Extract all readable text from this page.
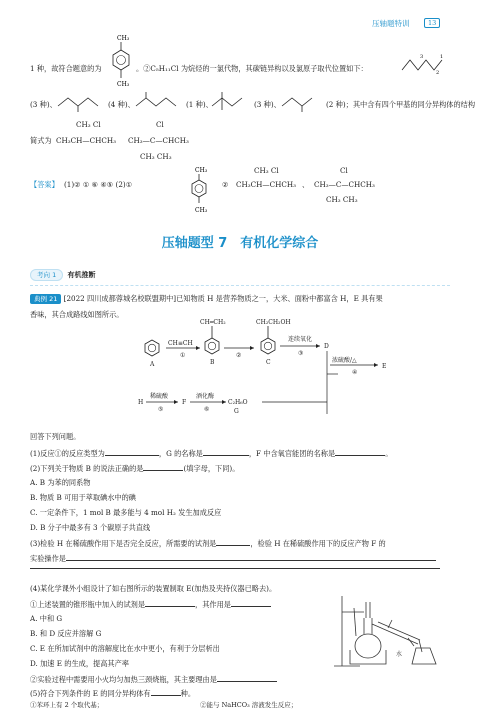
压轴题特训	13
1 种，故符合题意的为
CH₃
CH₃
。②C₅H₁₁Cl 为烷烃的一氯代物，其碳链异构以及氯原子取代位置如下：
3	1
2
(3 种)、	(4 种)、	(1 种)、	(3 种)、	(2 种)；其中含有四个甲基的同分异构体的结构
简式为
CH₃ Cl
CH₃CH—CHCH₃
Cl
CH₃—C—CHCH₃
CH₃ CH₃
【答案】 (1)② ① ⑥ ④⑤ (2)①
CH₃
CH₃
②
CH₃ Cl
CH₃CH—CHCH₃ 、
Cl
CH₃—C—CHCH₃
CH₃ CH₃
压轴题型 7　有机化学综合
考向 1 有机推断
典例 21 [2022 四川成都蓉城名校联盟期中]已知物质 H 是营养物质之一，大米、面粉中都富含 H，E 具有果
香味，其合成路线如图所示。
A
CH≡CH
①
CH═CH₂
B
②
CH₂CH₂OH
C
连续氧化
③
D
浓硫酸/△
④
E
H
稀硫酸
⑤
F
酒化酶
⑥
C₂H₆O
G
回答下列问题。
(1)反应①的反应类型为	，G 的名称是	，F 中含氧官能团的名称是	。
(2)下列关于物质 B 的说法正确的是	(填字母，下同)。
A. B 为苯的同系物
B. 物质 B 可用于萃取碘水中的碘
C. 一定条件下，1 mol B 最多能与 4 mol H₂ 发生加成反应
D. B 分子中最多有 3 个碳原子共直线
(3)检验 H 在稀硫酸作用下是否完全反应，所需要的试剂是	，检验 H 在稀硫酸作用下的反应产物 F 的
实验操作是
(4)某化学课外小组设计了如右图所示的装置制取 E(加热及夹持仪器已略去)。
①上述装置的锥形瓶中加入的试剂是	，其作用是
A. 中和 G
B. 和 D 反应并溶解 G
C. E 在所加试剂中的溶解度比在水中更小，有利于分层析出
D. 加速 E 的生成，提高其产率
②实验过程中需要用小火均匀加热三颈烧瓶，其主要理由是
(5)符合下列条件的 E 的同分异构体有	种。
①苯环上有 2 个取代基；	②能与 NaHCO₃ 溶液发生反应；
水
